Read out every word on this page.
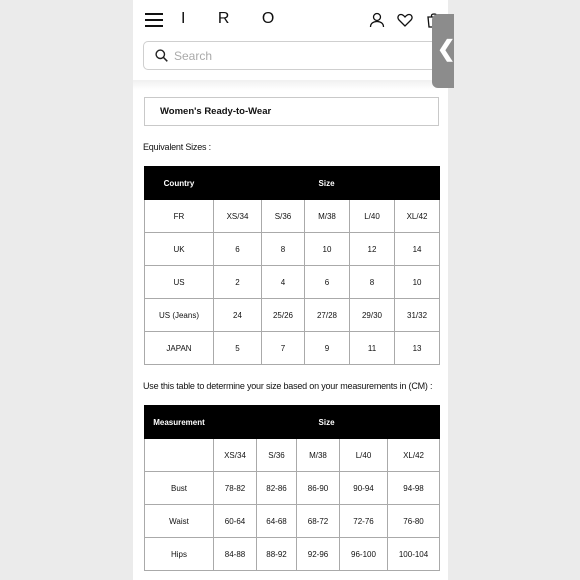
I R O
Search
Women's Ready-to-Wear
Equivalent Sizes :
Country	Size				
FR	XS/34	S/36	M/38	L/40	XL/42
UK	6	8	10	12	14
US	2	4	6	8	10
US (Jeans)	24	25/26	27/28	29/30	31/32
JAPAN	5	7	9	11	13
Use this table to determine your size based on your measurements in (CM) :
Measurement	Size				
	XS/34	S/36	M/38	L/40	XL/42
Bust	78-82	82-86	86-90	90-94	94-98
Waist	60-64	64-68	68-72	72-76	76-80
Hips	84-88	88-92	92-96	96-100	100-104
❮
